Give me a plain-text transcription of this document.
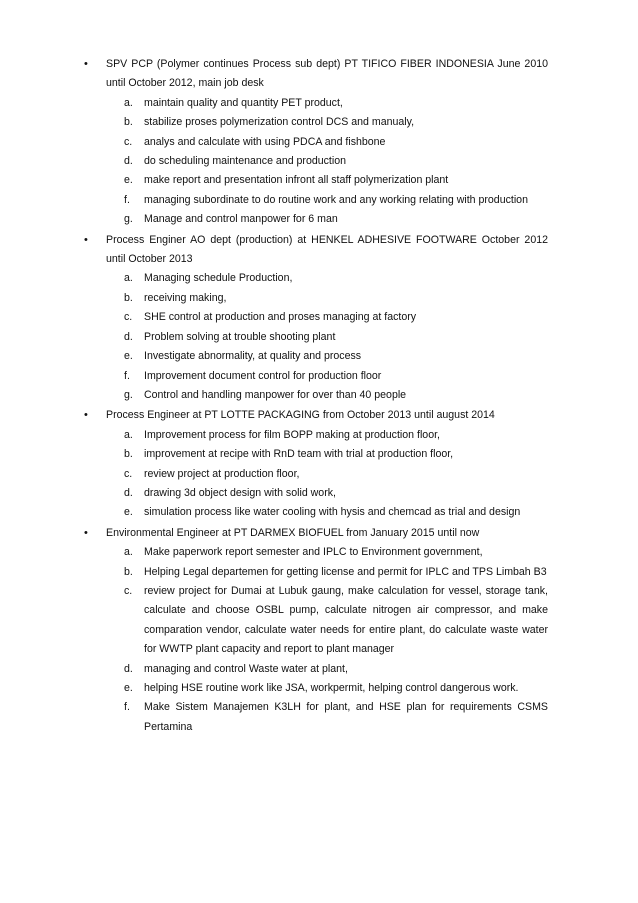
•	SPV PCP (Polymer continues Process sub dept) PT TIFICO FIBER INDONESIA June 2010 until October 2012, main job desk
a. maintain quality and quantity PET product,
b. stabilize proses polymerization control DCS and manualy,
c. analys and calculate with using PDCA and fishbone
d. do scheduling maintenance and production
e. make report and presentation infront all staff polymerization plant
f. managing subordinate to do routine work and any working relating with production
g. Manage and control manpower for 6 man
•	Process Enginer AO dept (production) at HENKEL ADHESIVE FOOTWARE October 2012 until October 2013
a. Managing schedule Production,
b. receiving making,
c. SHE control at production and proses managing at factory
d. Problem solving at trouble shooting plant
e. Investigate abnormality, at quality and process
f. Improvement document control for production floor
g. Control and handling manpower for over than 40 people
•	Process Engineer at PT LOTTE PACKAGING from October 2013 until august 2014
a. Improvement process for film BOPP making at production floor,
b. improvement at recipe with RnD team with trial at production floor,
c. review project at production floor,
d. drawing 3d object design with solid work,
e. simulation process like water cooling with hysis and chemcad as trial and design
•	Environmental Engineer at PT DARMEX BIOFUEL from January 2015 until now
a. Make paperwork report semester and IPLC to Environment government,
b. Helping Legal departemen for getting license and permit for IPLC and TPS Limbah B3
c. review project for Dumai at Lubuk gaung, make calculation for vessel, storage tank, calculate and choose OSBL pump, calculate nitrogen air compressor, and make comparation vendor, calculate water needs for entire plant, do calculate waste water for WWTP plant capacity and report to plant manager
d. managing and control Waste water at plant,
e. helping HSE routine work like JSA, workpermit, helping control dangerous work.
f. Make Sistem Manajemen K3LH for plant, and HSE plan for requirements CSMS Pertamina
